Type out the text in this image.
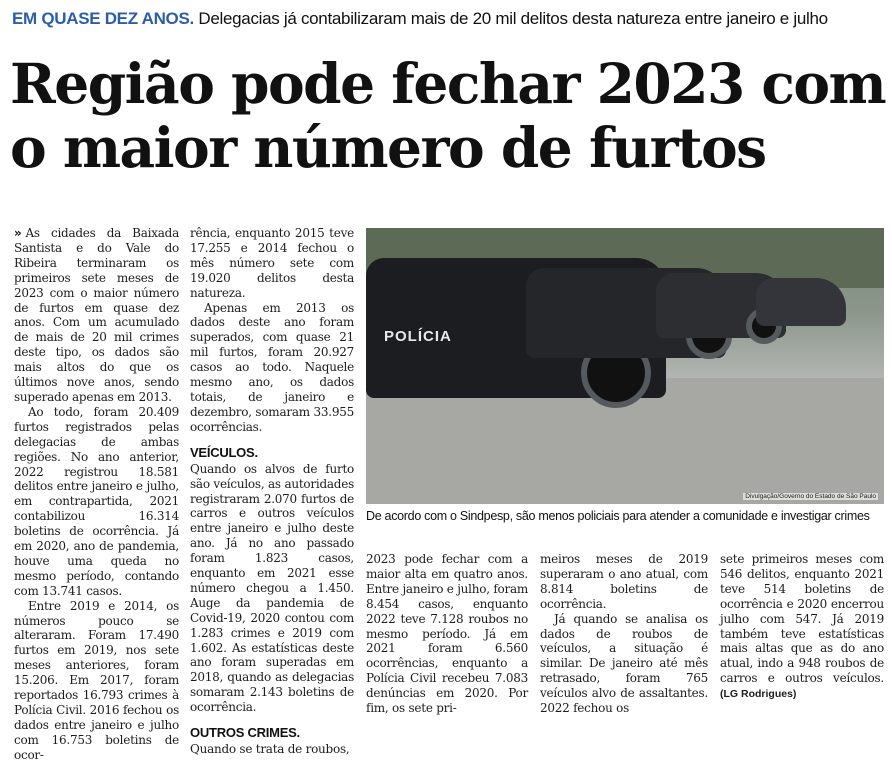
EM QUASE DEZ ANOS. Delegacias já contabilizaram mais de 20 mil delitos desta natureza entre janeiro e julho
Região pode fechar 2023 com
o maior número de furtos

» As cidades da Baixada Santista e do Vale do Ribeira terminaram os primeiros sete meses de 2023 com o maior número de furtos em quase dez anos. Com um acumulado de mais de 20 mil crimes deste tipo, os dados são mais altos do que os últimos nove anos, sendo superado apenas em 2013.

Ao todo, foram 20.409 furtos registrados pelas delegacias de ambas regiões. No ano anterior, 2022 registrou 18.581 delitos entre janeiro e julho, em contrapartida, 2021 contabilizou 16.314 boletins de ocorrência. Já em 2020, ano de pandemia, houve uma queda no mesmo período, contando com 13.741 casos.

Entre 2019 e 2014, os números pouco se alteraram. Foram 17.490 furtos em 2019, nos sete meses anteriores, foram 15.206. Em 2017, foram reportados 16.793 crimes à Polícia Civil. 2016 fechou os dados entre janeiro e julho com 16.753 boletins de ocor-

rência, enquanto 2015 teve 17.255 e 2014 fechou o mês número sete com 19.020 delitos desta natureza.

Apenas em 2013 os dados deste ano foram superados, com quase 21 mil furtos, foram 20.927 casos ao todo. Naquele mesmo ano, os dados totais, de janeiro e dezembro, somaram 33.955 ocorrências.

VEÍCULOS.

Quando os alvos de furto são veículos, as autoridades registraram 2.070 furtos de carros e outros veículos entre janeiro e julho deste ano. Já no ano passado foram 1.823 casos, enquanto em 2021 esse número chegou a 1.450. Auge da pandemia de Covid-19, 2020 contou com 1.283 crimes e 2019 com 1.602. As estatísticas deste ano foram superadas em 2018, quando as delegacias somaram 2.143 boletins de ocorrência.

OUTROS CRIMES.

Quando se trata de roubos,

POLÍCIA
Divulgação/Governo do Estado de São Paulo
De acordo com o Sindpesp, são menos policiais para atender a comunidade e investigar crimes

2023 pode fechar com a maior alta em quatro anos. Entre janeiro e julho, foram 8.454 casos, enquanto 2022 teve 7.128 roubos no mesmo período. Já em 2021 foram 6.560 ocorrências, enquanto a Polícia Civil recebeu 7.083 denúncias em 2020. Por fim, os sete pri-

meiros meses de 2019 superaram o ano atual, com 8.814 boletins de ocorrência.

Já quando se analisa os dados de roubos de veículos, a situação é similar. De janeiro até mês retrasado, foram 765 veículos alvo de assaltantes. 2022 fechou os

sete primeiros meses com 546 delitos, enquanto 2021 teve 514 boletins de ocorrência e 2020 encerrou julho com 547. Já 2019 também teve estatísticas mais altas que as do ano atual, indo a 948 roubos de carros e outros veículos. (LG Rodrigues)
